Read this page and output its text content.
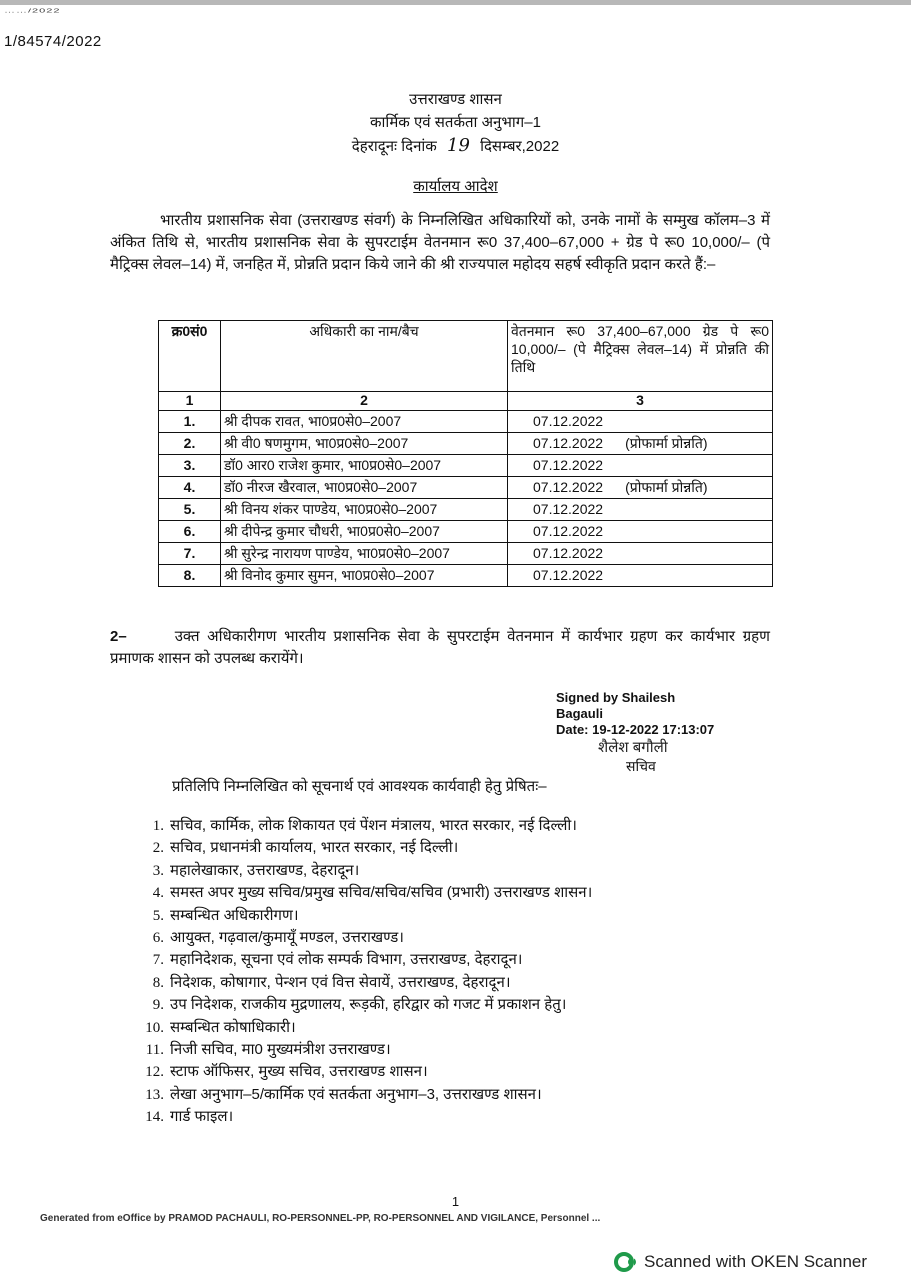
……/2022
1/84574/2022
उत्तराखण्ड शासन
कार्मिक एवं सतर्कता अनुभाग–1
देहरादूनः दिनांक 19 दिसम्बर,2022
कार्यालय आदेश
भारतीय प्रशासनिक सेवा (उत्तराखण्ड संवर्ग) के निम्नलिखित अधिकारियों को, उनके नामों के सम्मुख कॉलम–3 में अंकित तिथि से, भारतीय प्रशासनिक सेवा के सुपरटाईम वेतनमान रू0 37,400–67,000 + ग्रेड पे रू0 10,000/– (पे मैट्रिक्स लेवल–14) में, जनहित में, प्रोन्नति प्रदान किये जाने की श्री राज्यपाल महोदय सहर्ष स्वीकृति प्रदान करते हैं:–
क्र0सं0	अधिकारी का नाम/बैच	वेतनमान रू0 37,400–67,000 ग्रेड पे रू0 10,000/– (पे मैट्रिक्स लेवल–14) में प्रोन्नति की तिथि
1	2	3
1.	श्री दीपक रावत, भा0प्र0से0–2007	07.12.2022
2.	श्री वी0 षणमुगम, भा0प्र0से0–2007	07.12.2022 (प्रोफार्मा प्रोन्नति)
3.	डॉ0 आर0 राजेश कुमार, भा0प्र0से0–2007	07.12.2022
4.	डॉ0 नीरज खैरवाल, भा0प्र0से0–2007	07.12.2022 (प्रोफार्मा प्रोन्नति)
5.	श्री विनय शंकर पाण्डेय, भा0प्र0से0–2007	07.12.2022
6.	श्री दीपेन्द्र कुमार चौधरी, भा0प्र0से0–2007	07.12.2022
7.	श्री सुरेन्द्र नारायण पाण्डेय, भा0प्र0से0–2007	07.12.2022
8.	श्री विनोद कुमार सुमन, भा0प्र0से0–2007	07.12.2022
2–	उक्त अधिकारीगण भारतीय प्रशासनिक सेवा के सुपरटाईम वेतनमान में कार्यभार ग्रहण कर कार्यभार ग्रहण प्रमाणक शासन को उपलब्ध करायेंगे।
Signed by Shailesh
Bagauli
Date: 19-12-2022 17:13:07
शैलेश बगौली
सचिव
प्रतिलिपि निम्नलिखित को सूचनार्थ एवं आवश्यक कार्यवाही हेतु प्रेषितः–
1. सचिव, कार्मिक, लोक शिकायत एवं पेंशन मंत्रालय, भारत सरकार, नई दिल्ली।
2. सचिव, प्रधानमंत्री कार्यालय, भारत सरकार, नई दिल्ली।
3. महालेखाकार, उत्तराखण्ड, देहरादून।
4. समस्त अपर मुख्य सचिव/प्रमुख सचिव/सचिव/सचिव (प्रभारी) उत्तराखण्ड शासन।
5. सम्बन्धित अधिकारीगण।
6. आयुक्त, गढ़वाल/कुमायूँ मण्डल, उत्तराखण्ड।
7. महानिदेशक, सूचना एवं लोक सम्पर्क विभाग, उत्तराखण्ड, देहरादून।
8. निदेशक, कोषागार, पेन्शन एवं वित्त सेवायें, उत्तराखण्ड, देहरादून।
9. उप निदेशक, राजकीय मुद्रणालय, रूड़की, हरिद्वार को गजट में प्रकाशन हेतु।
10. सम्बन्धित कोषाधिकारी।
11. निजी सचिव, मा0 मुख्यमंत्रीश उत्तराखण्ड।
12. स्टाफ ऑफिसर, मुख्य सचिव, उत्तराखण्ड शासन।
13. लेखा अनुभाग–5/कार्मिक एवं सतर्कता अनुभाग–3, उत्तराखण्ड शासन।
14. गार्ड फाइल।
1
Generated from eOffice by PRAMOD PACHAULI, RO-PERSONNEL-PP, RO-PERSONNEL AND VIGILANCE, Personnel ...
Scanned with OKEN Scanner
